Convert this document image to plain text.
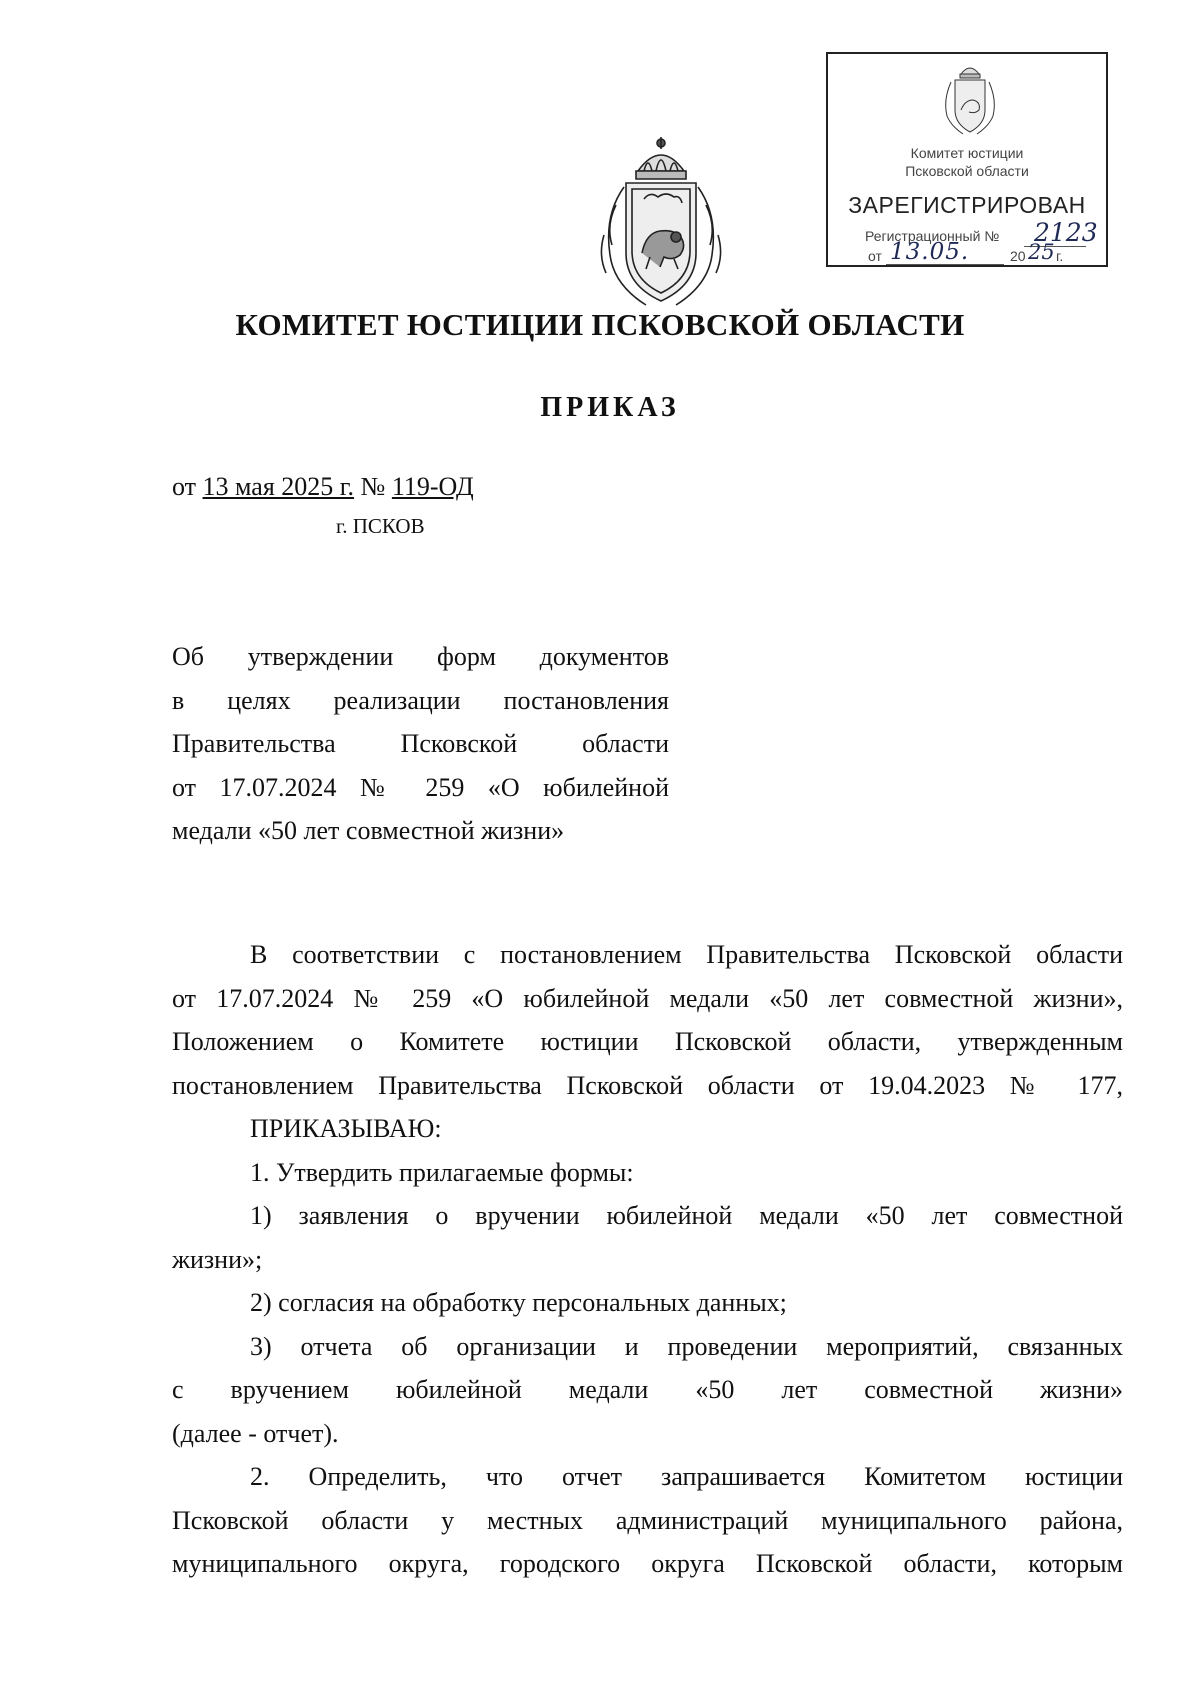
Комитет юстиции
Псковской области
ЗАРЕГИСТРИРОВАН
Регистрационный № 2123
от 13.05.	20 25 г.
КОМИТЕТ ЮСТИЦИИ ПСКОВСКОЙ ОБЛАСТИ
ПРИКАЗ
от 13 мая 2025 г. № 119-ОД
г. ПСКОВ
Об утверждении форм документов
в целях реализации постановления
Правительства Псковской области
от 17.07.2024 № 259 «О юбилейной
медали «50 лет совместной жизни»
В соответствии с постановлением Правительства Псковской области
от 17.07.2024 № 259 «О юбилейной медали «50 лет совместной жизни»,
Положением о Комитете юстиции Псковской области, утвержденным
постановлением Правительства Псковской области от 19.04.2023 № 177,
ПРИКАЗЫВАЮ:
1. Утвердить прилагаемые формы:
1) заявления о вручении юбилейной медали «50 лет совместной
жизни»;
2) согласия на обработку персональных данных;
3) отчета об организации и проведении мероприятий, связанных
с вручением юбилейной медали «50 лет совместной жизни»
(далее - отчет).
2. Определить, что отчет запрашивается Комитетом юстиции
Псковской области у местных администраций муниципального района,
муниципального округа, городского округа Псковской области, которым
